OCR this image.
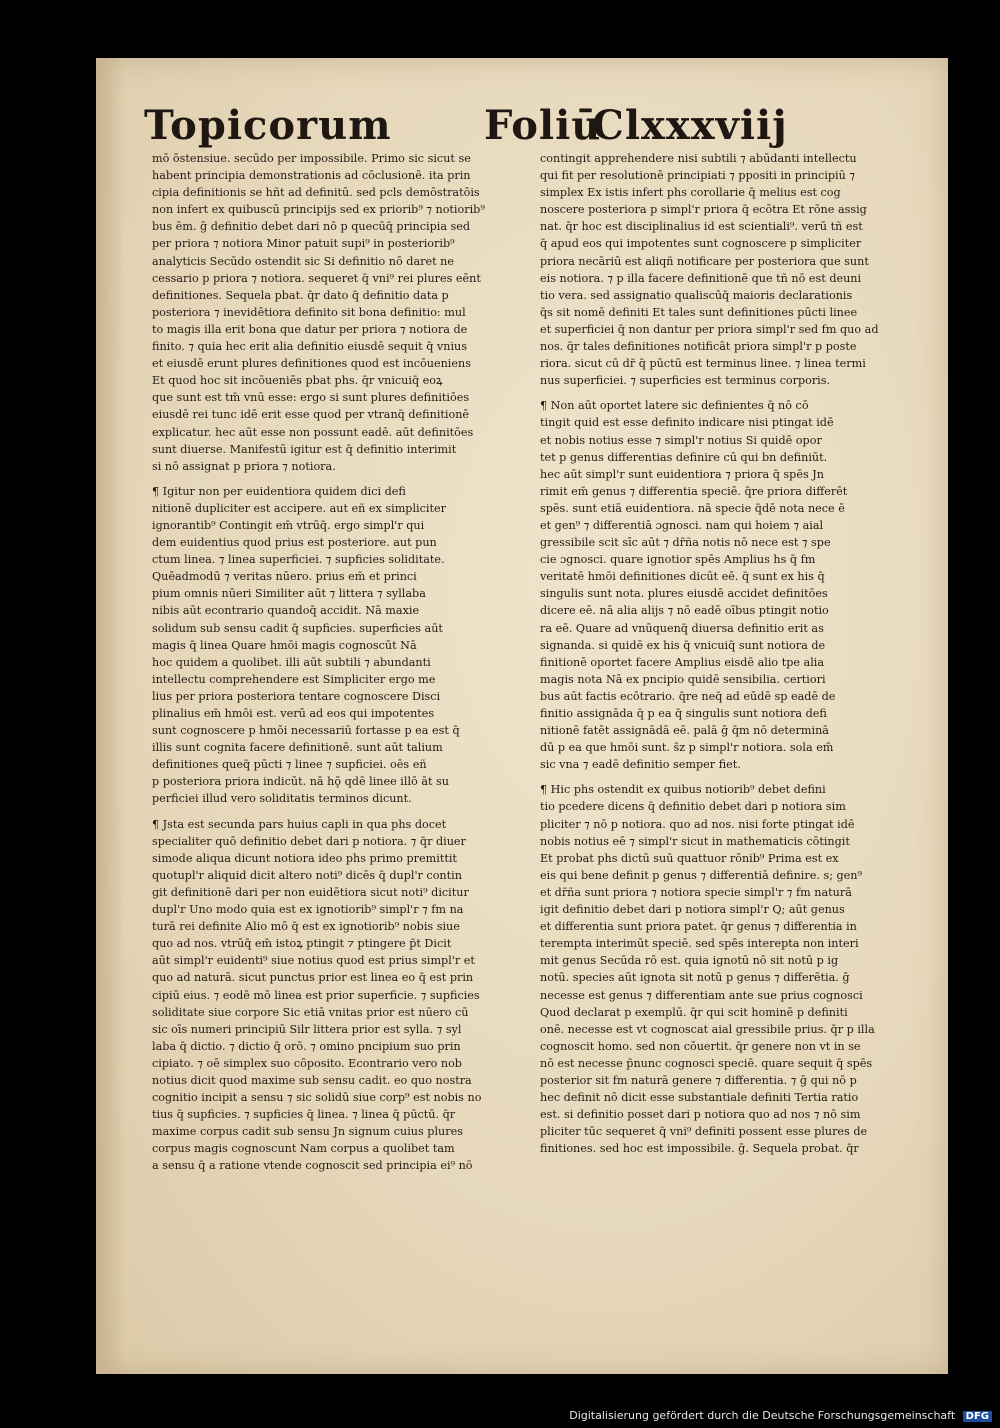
Topicorum Foliū
Clxxxviij
mō ōstensiue. secūdo per impossibile. Primo sic sicut se
habent principia demonstrationis ad cōclusionē. ita prin
cipia definitionis se hñt ad definitū. sed pcls demōstratōis
non infert ex quibuscū principijs sed ex priorib⁹ ⁊ notiorib⁹
bus ēm. ḡ definitio debet dari nō p quecūq̄ principia sed
per priora ⁊ notiora Minor patuit supi⁹ in posteriorib⁹
analyticis Secūdo ostendit sic Si definitio nō daret ne
cessario p priora ⁊ notiora. sequeret q̄ vni⁹ rei plures eēnt
definitiones. Sequela pbat. q̄r dato q̄ definitio data p
posteriora ⁊ inevidētiora definito sit bona definitio: mul
to magis illa erit bona que datur per priora ⁊ notiora de
finito. ⁊ quia hec erit alia definitio eiusdē sequit q̄ vnius
et eiusdē erunt plures definitiones quod est incōueniens
Et quod hoc sit incōueniēs pbat phs. q̄r vnicuiq̄ eoꝝ
que sunt est tm̄ vnū esse: ergo si sunt plures definitiōes
eiusdē rei tunc idē erit esse quod per vtranq̄ definitionē
explicatur. hec aūt esse non possunt eadē. aūt definitōes
sunt diuerse. Manifestū igitur est q̄ definitio interimit
si nō assignat p priora ⁊ notiora.
¶ Igitur non per euidentiora quidem dici defi
nitionē dupliciter est accipere. aut eñ ex simpliciter
ignorantib⁹ Contingit em̄ vtrūq̄. ergo simpl'r qui
dem euidentius quod prius est posteriore. aut pun
ctum linea. ⁊ linea superficiei. ⁊ supficies soliditate.
Quēadmodū ⁊ veritas nūero. prius em̄ et princi
pium omnis nūeri Similiter aūt ⁊ littera ⁊ syllaba
nibis aūt econtrario quandoq̄ accidit. Nā maxie
solidum sub sensu cadit q̄ supficies. superficies aūt
magis q̄ linea Quare hmōi magis cognoscūt Nā
hoc quidem a quolibet. illi aūt subtili ⁊ abundanti
intellectu comprehendere est Simpliciter ergo me
lius per priora posteriora tentare cognoscere Disci
plinalius em̄ hmōi est. verū ad eos qui impotentes
sunt cognoscere p hmōi necessariū fortasse p ea est q̄
illis sunt cognita facere definitionē. sunt aūt talium
definitiones queq̄ pūcti ⁊ linee ⁊ supficiei. oēs eñ
p posteriora priora indicūt. nā hǭ qdē linee illō āt su
perficiei illud vero soliditatis terminos dicunt.
¶ Jsta est secunda pars huius capli in qua phs docet
specialiter quō definitio debet dari p notiora. ⁊ q̄r diuer
simode aliqua dicunt notiora ideo phs primo premittit
quotupl'r aliquid dicit altero noti⁹ dicēs q̄ dupl'r contin
git definitionē dari per non euidētiora sicut noti⁹ dicitur
dupl'r Uno modo quia est ex ignotiorib⁹ simpl'r ⁊ fm na
turā rei definite Alio mō q̄ est ex ignotiorib⁹ nobis siue
quo ad nos. vtrūq̄ em̄ istoꝝ ptingit ⁊ ptingere p̄t Dicit
aūt simpl'r euidenti⁹ siue notius quod est prius simpl'r et
quo ad naturā. sicut punctus prior est linea eo q̄ est prin
cipiū eius. ⁊ eodē mō linea est prior superficie. ⁊ supficies
soliditate siue corpore Sic etiā vnitas prior est nūero cū
sic oīs numeri principiū Silr littera prior est sylla. ⁊ syl
laba q̄ dictio. ⁊ dictio q̄ orō. ⁊ omino pncipium suo prin
cipiato. ⁊ oē simplex suo cōposito. Econtrario vero nob
notius dicit quod maxime sub sensu cadit. eo quo nostra
cognitio incipit a sensu ⁊ sic solidū siue corp⁹ est nobis no
tius q̄ supficies. ⁊ supficies q̄ linea. ⁊ linea q̄ pūctū. q̄r
maxime corpus cadit sub sensu Jn signum cuius plures
corpus magis cognoscunt Nam corpus a quolibet tam
a sensu q̄ a ratione vtende cognoscit sed principia ei⁹ nō
contingit apprehendere nisi subtili ⁊ abūdanti intellectu
qui fit per resolutionē principiati ⁊ ppositi in principiū ⁊
simplex Ex istis infert phs corollarie q̄ melius est cog
noscere posteriora p simpl'r priora q̄ ecōtra Et rōne assig
nat. q̄r hoc est disciplinalius id est scientiali⁹. verū tñ est
q̄ apud eos qui impotentes sunt cognoscere p simpliciter
priora necāriū est aliqñ notificare per posteriora que sunt
eis notiora. ⁊ p illa facere definitionē que tñ nō est deuni
tio vera. sed assignatio qualiscūq̄ maioris declarationis
q̄s sit nomē definiti Et tales sunt definitiones pūcti linee
et superficiei q̄ non dantur per priora simpl'r sed fm quo ad
nos. q̄r tales definitiones notificāt priora simpl'r p poste
riora. sicut cū dr̄ q̄ pūctū est terminus linee. ⁊ linea termi
nus superficiei. ⁊ superficies est terminus corporis.
¶ Non aūt oportet latere sic definientes q̄ nō cō
tingit quid est esse definito indicare nisi ptingat idē
et nobis notius esse ⁊ simpl'r notius Si quidē opor
tet p genus differentias definire cū qui bn definiūt.
hec aūt simpl'r sunt euidentiora ⁊ priora q̄ spēs Jn
rimit em̄ genus ⁊ differentia speciē. q̄re priora differēt
spēs. sunt etiā euidentiora. nā specie q̄dē nota nece ē
et gen⁹ ⁊ differentiā ɔgnosci. nam qui hoiem ⁊ aial
gressibile scit sīc aūt ⁊ dr̄ña notis nō nece est ⁊ spe
cie ɔgnosci. quare ignotior spēs Amplius hs q̄ fm
veritatē hmōi definitiones dicūt eē. q̄ sunt ex his q̄
singulis sunt nota. plures eiusdē accidet definitōes
dicere eē. nā alia alijs ⁊ nō eadē oībus ptingit notio
ra eē. Quare ad vnūquenq̄ diuersa definitio erit as
signanda. si quidē ex his q̄ vnicuiq̄ sunt notiora de
finitionē oportet facere Amplius eisdē alio tpe alia
magis nota Nā ex pncipio quidē sensibilia. certiori
bus aūt factis ecōtrario. q̄re neq̄ ad eūdē sp eadē de
finitio assignāda q̄ p ea q̄ singulis sunt notiora defi
nitionē fatēt assignādā eē. palā ḡ q̄m nō determinā
dū p ea que hmōi sunt. s̄z p simpl'r notiora. sola em̄
sic vna ⁊ eadē definitio semper fiet.
¶ Hic phs ostendit ex quibus notiorib⁹ debet defini
tio pcedere dicens q̄ definitio debet dari p notiora sim
pliciter ⁊ nō p notiora. quo ad nos. nisi forte ptingat idē
nobis notius eē ⁊ simpl'r sicut in mathematicis cōtingit
Et probat phs dictū suū quattuor rōnib⁹ Prima est ex
eis qui bene definit p genus ⁊ differentiā definire. s; gen⁹
et dr̄ña sunt priora ⁊ notiora specie simpl'r ⁊ fm naturā
igit definitio debet dari p notiora simpl'r Q; aūt genus
et differentia sunt priora patet. q̄r genus ⁊ differentia in
terempta interimūt speciē. sed spēs interepta non interi
mit genus Secūda rō est. quia ignotū nō sit notū p ig
notū. species aūt ignota sit notū p genus ⁊ differētia. ḡ
necesse est genus ⁊ differentiam ante sue prius cognosci
Quod declarat p exemplū. q̄r qui scit hominē p definiti
onē. necesse est vt cognoscat aial gressibile prius. q̄r p illa
cognoscit homo. sed non cōuertit. q̄r genere non vt in se
nō est necesse p̄nunc cognosci speciē. quare sequit q̄ spēs
posterior sit fm naturā genere ⁊ differentia. ⁊ ḡ qui nō p
hec definit nō dicit esse substantiale definiti Tertia ratio
est. si definitio posset dari p notiora quo ad nos ⁊ nō sim
pliciter tūc sequeret q̄ vni⁹ definiti possent esse plures de
finitiones. sed hoc est impossibile. ḡ. Sequela probat. q̄r
Digitalisierung gefördert durch die Deutsche Forschungsgemeinschaft DFG
